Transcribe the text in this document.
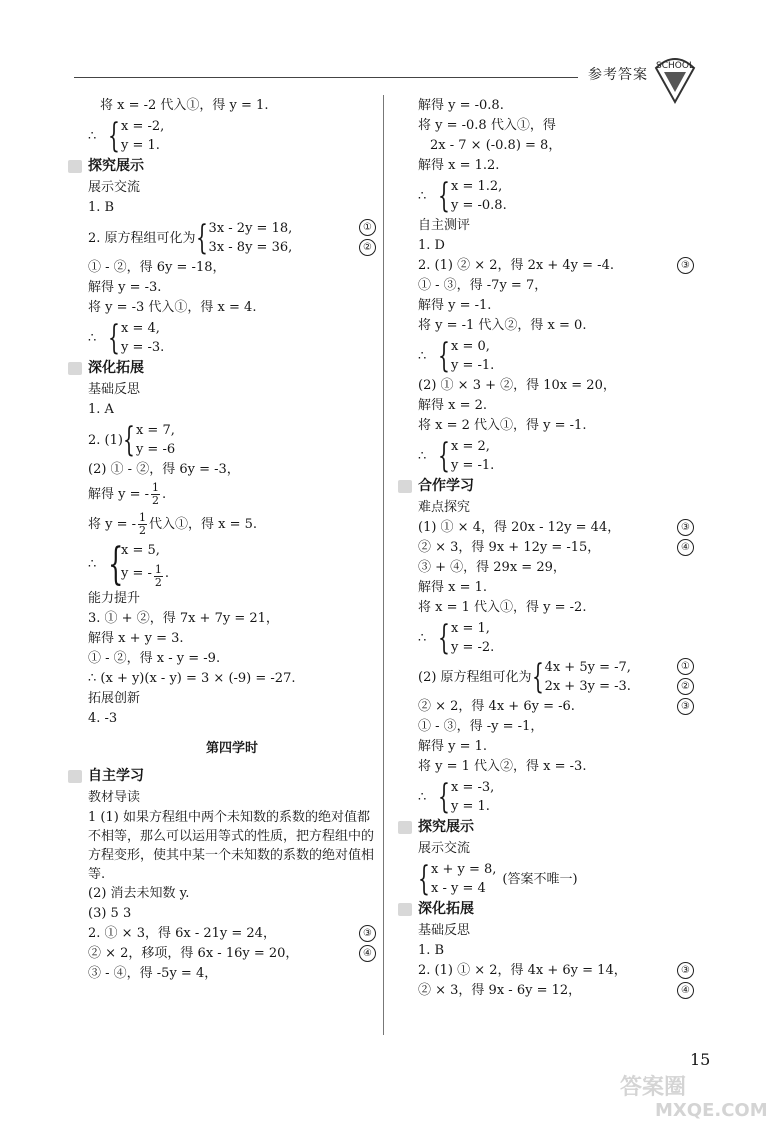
参考答案
SCHOOL
将 x = -2 代入①，得 y = 1.
∴ { x = -2,
y = 1.
探究展示
展示交流
1. B
2. 原方程组可化为 { 3x - 2y = 18,
3x - 8y = 36,
①
②
① - ②，得 6y = -18，
解得 y = -3.
将 y = -3 代入①，得 x = 4.
∴ { x = 4,
y = -3.
深化拓展
基础反思
1. A
2. (1) { x = 7,
y = -6
(2) ① - ②，得 6y = -3，
解得 y = - $\frac{1}{2}$ .
将 y = - $\frac{1}{2}$ 代入①，得 x = 5.
∴ {
x = 5,
y = - $\frac{1}{2}$ .
能力提升
3. ① + ②，得 7x + 7y = 21，
解得 x + y = 3.
① - ②，得 x - y = -9.
∴ (x + y)(x - y) = 3 × (-9) = -27.
拓展创新
4. -3
第四学时
自主学习
教材导读
1 (1) 如果方程组中两个未知数的系数的绝对值都不相等，那么可以运用等式的性质，把方程组中的方程变形，使其中某一个未知数的系数的绝对值相等.
(2) 消去未知数 y.
(3) 5 3
2. ① × 3，得 6x - 21y = 24，	③
② × 2，移项，得 6x - 16y = 20，	④
③ - ④，得 -5y = 4，
解得 y = -0.8.
将 y = -0.8 代入①，得
2x - 7 × (-0.8) = 8，
解得 x = 1.2.
∴ { x = 1.2,
y = -0.8.
自主测评
1. D
2. (1) ② × 2，得 2x + 4y = -4.	③
① - ③，得 -7y = 7，
解得 y = -1.
将 y = -1 代入②，得 x = 0.
∴ { x = 0,
y = -1.
(2) ① × 3 + ②，得 10x = 20，
解得 x = 2.
将 x = 2 代入①，得 y = -1.
∴ { x = 2,
y = -1.
合作学习
难点探究
(1) ① × 4，得 20x - 12y = 44，	③
② × 3，得 9x + 12y = -15，	④
③ + ④，得 29x = 29，
解得 x = 1.
将 x = 1 代入①，得 y = -2.
∴ { x = 1,
y = -2.
(2) 原方程组可化为 { 4x + 5y = -7,
2x + 3y = -3.
①
②
② × 2，得 4x + 6y = -6.	③
① - ③，得 -y = -1，
解得 y = 1.
将 y = 1 代入②，得 x = -3.
∴ { x = -3,
y = 1.
探究展示
展示交流
{ x + y = 8,
x - y = 4
(答案不唯一)
深化拓展
基础反思
1. B
2. (1) ① × 2，得 4x + 6y = 14，	③
② × 3，得 9x - 6y = 12，	④
15
答案圈
MXQE.COM
